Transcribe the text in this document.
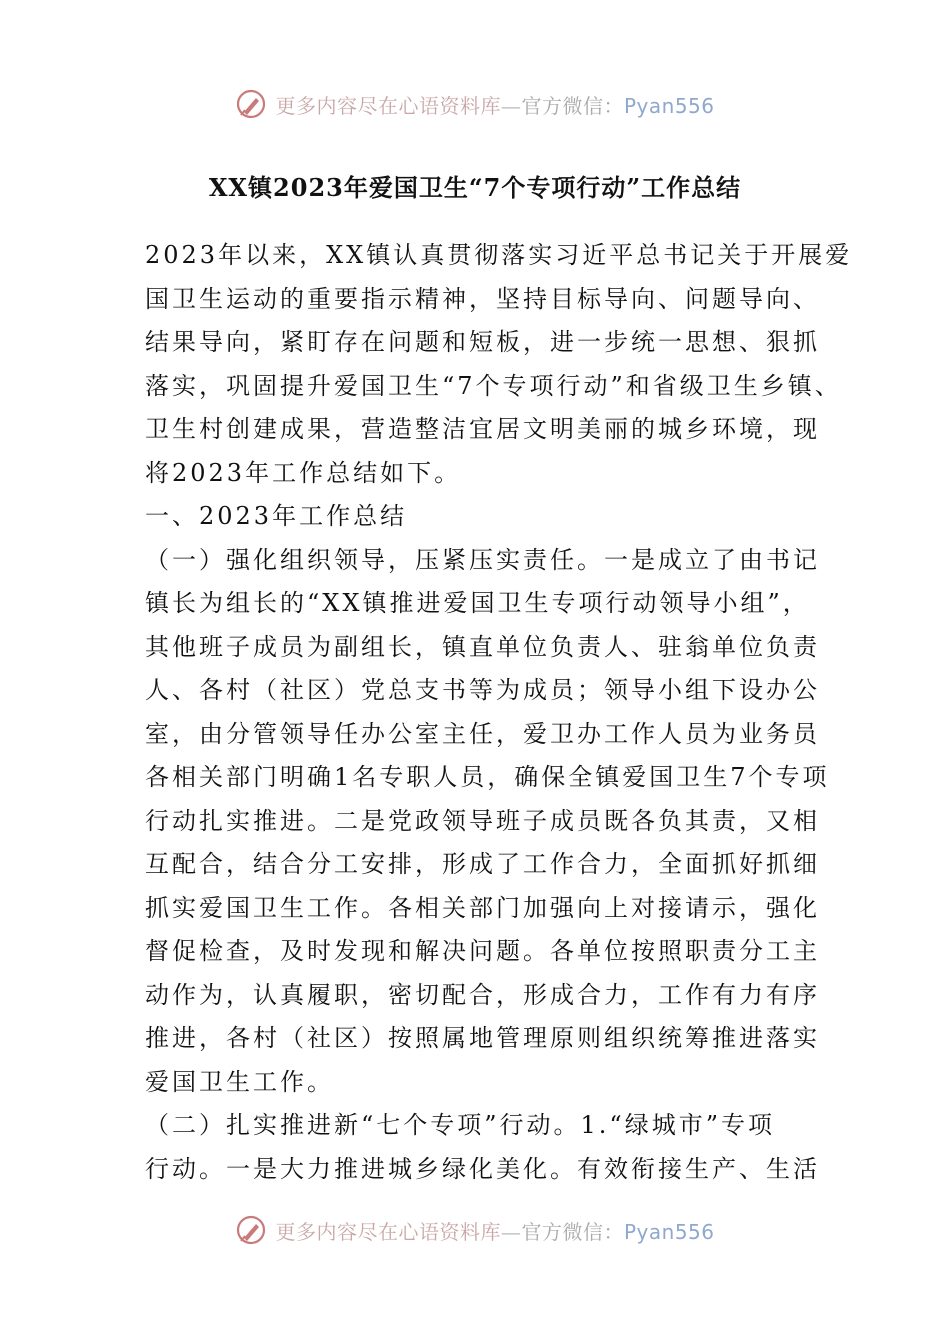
更多内容尽在心语资料库—官方微信：Pyan556
XX镇2023年爱国卫生“7个专项行动”工作总结
2023年以来，XX镇认真贯彻落实习近平总书记关于开展爱
国卫生运动的重要指示精神，坚持目标导向、问题导向、
结果导向，紧盯存在问题和短板，进一步统一思想、狠抓
落实，巩固提升爱国卫生“7个专项行动”和省级卫生乡镇、
卫生村创建成果，营造整洁宜居文明美丽的城乡环境，现
将2023年工作总结如下。
一、2023年工作总结
（一）强化组织领导，压紧压实责任。一是成立了由书记
镇长为组长的“XX镇推进爱国卫生专项行动领导小组”，
其他班子成员为副组长，镇直单位负责人、驻翁单位负责
人、各村（社区）党总支书等为成员；领导小组下设办公
室，由分管领导任办公室主任，爱卫办工作人员为业务员
各相关部门明确1名专职人员，确保全镇爱国卫生7个专项
行动扎实推进。二是党政领导班子成员既各负其责，又相
互配合，结合分工安排，形成了工作合力，全面抓好抓细
抓实爱国卫生工作。各相关部门加强向上对接请示，强化
督促检查，及时发现和解决问题。各单位按照职责分工主
动作为，认真履职，密切配合，形成合力，工作有力有序
推进，各村（社区）按照属地管理原则组织统筹推进落实
爱国卫生工作。
（二）扎实推进新“七个专项”行动。1.“绿城市”专项
行动。一是大力推进城乡绿化美化。有效衔接生产、生活
更多内容尽在心语资料库—官方微信：Pyan556
